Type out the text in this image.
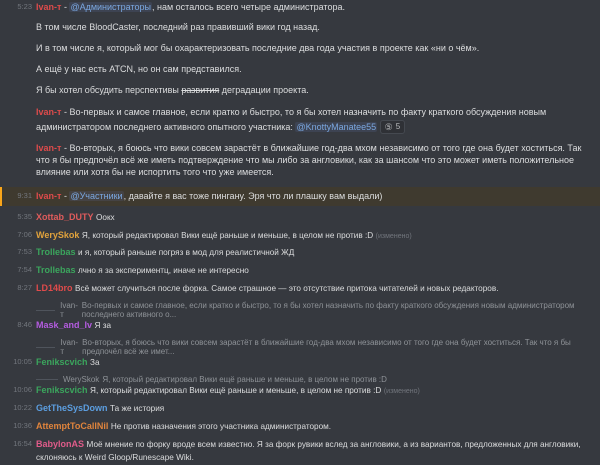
5:23 Ivan-т - @Администраторы, нам осталось всего четыре администратора.
В том числе BloodCaster, последний раз правивший вики год назад.
И в том числе я, который мог бы охарактеризовать последние два года участия в проекте как «ни о чём».
А ещё у нас есть ATCN, но он сам представился.
Я бы хотел обсудить перспективы развития деградации проекта.
Ivan-т - Во-первых и самое главное, если кратко и быстро, то я бы хотел назначить по факту краткого обсуждения новым администратором последнего активного опытного участника: @KnottyManatee55 ⑤ 5
Ivan-т - Во-вторых, я боюсь что вики совсем зарастёт в ближайшие год-два мхом независимо от того где она будет хоститься. Так что я бы предпочёл всё же иметь подтверждение что мы либо за англовики, как за шансом что это может иметь положительное влияние или хотя бы не испортить того что уже имеется.
9:31 Ivan-т - @Участники, давайте я вас тоже пингану. Эря что ли плашку вам выдали)
5:35 Xottab_DUTY Оокх
7:06 WerySkok Я, который редактировал Вики ещё раньше и меньше, в целом не против :D (изменено)
7:53 Trollebas и я, который раньше погряз в мод для реалистичной ЖД
7:54 Trollebas лчно я за экспериментц, иначе не интересно
8:27 LD14bro Всё может случиться после форка. Самое страшное — это отсутствие притока читателей и новых редакторов.
Ivan-т
Во-первых и самое главное, если кратко и быстро, то я бы хотел назначить по факту краткого обсуждения новым администратором последнего активного о...
8:46 Mask_and_Iv Я за
Ivan-т
Во-вторых, я боюсь что вики совсем зарастёт в ближайшие год-два мхом независимо от того где она будет хоститься. Так что я бы предпочёл всё же имет...
10:05 Fenikscvich За
WerySkok Я, который редактировал Вики ещё раньше и меньше, в целом не против :D
10:06 Fenikscvich Я, который редактировал Вики ещё раньше и меньше, в целом не против :D (изменено)
10:22 GetTheSysDown Та же история
10:36 AttemptToCallNil Не против назначения этого участника администратором.
16:54 BabylonAS Моё мнение по форку вроде всем известно. Я за форк рувики вслед за англовики, а из вариантов, предложенных для англовики, склоняюсь к Weird Gloop/Runescape Wiki.
